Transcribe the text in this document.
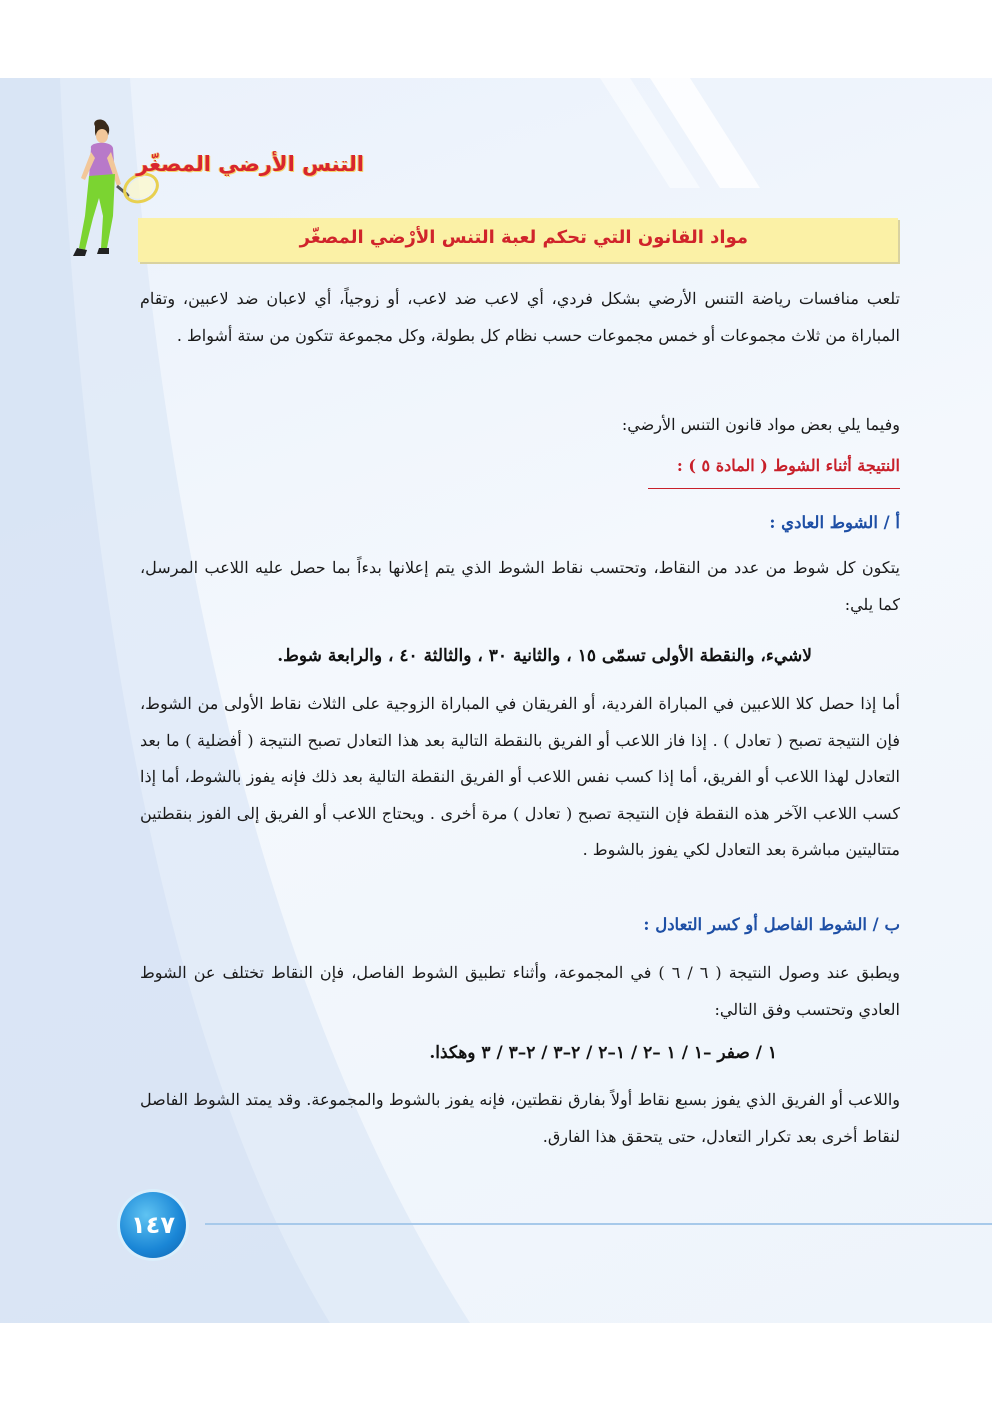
التنس الأرضي المصغّر
مواد القانون التي تحكم لعبة التنس الأرْضي المصغّر
تلعب منافسات رياضة التنس الأرضي بشكل فردي، أي لاعب ضد لاعب، أو زوجياً، أي لاعبان ضد لاعبين، وتقام المباراة من ثلاث مجموعات أو خمس مجموعات حسب نظام كل بطولة، وكل مجموعة تتكون من ستة أشواط .
وفيما يلي بعض مواد قانون التنس الأرضي:
النتيجة أثناء الشوط ( المادة ٥ ) :
أ / الشوط العادي :
يتكون كل شوط من عدد من النقاط، وتحتسب نقاط الشوط الذي يتم إعلانها بدءاً بما حصل عليه اللاعب المرسل، كما يلي:
لاشيء، والنقطة الأولى تسمّى ١٥ ، والثانية ٣٠ ، والثالثة ٤٠ ، والرابعة شوط.
أما إذا حصل كلا اللاعبين في المباراة الفردية، أو الفريقان في المباراة الزوجية على الثلاث نقاط الأولى من الشوط، فإن النتيجة تصبح ( تعادل ) . إذا فاز اللاعب أو الفريق بالنقطة التالية بعد هذا التعادل تصبح النتيجة ( أفضلية ) ما بعد التعادل لهذا اللاعب أو الفريق، أما إذا كسب نفس اللاعب أو الفريق النقطة التالية بعد ذلك فإنه يفوز بالشوط، أما إذا كسب اللاعب الآخر هذه النقطة فإن النتيجة تصبح ( تعادل ) مرة أخرى . ويحتاج اللاعب أو الفريق إلى الفوز بنقطتين متتاليتين مباشرة بعد التعادل لكي يفوز بالشوط .
ب / الشوط الفاصل أو كسر التعادل :
ويطبق عند وصول النتيجة ( ٦ / ٦ ) في المجموعة، وأثناء تطبيق الشوط الفاصل، فإن النقاط تختلف عن الشوط العادي وتحتسب وفق التالي:
١ / صفر –١ / ١ –٢ / ١–٢ / ٢–٣ / ٢–٣ / ٣ وهكذا.
واللاعب أو الفريق الذي يفوز بسبع نقاط أولاً بفارق نقطتين، فإنه يفوز بالشوط والمجموعة. وقد يمتد الشوط الفاصل لنقاط أخرى بعد تكرار التعادل، حتى يتحقق هذا الفارق.
١٤٧
